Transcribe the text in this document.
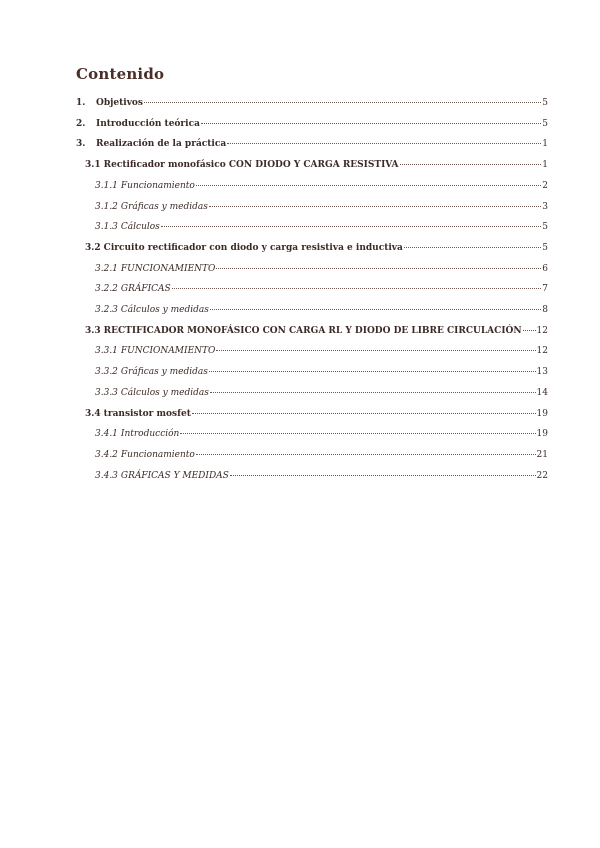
Contenido
1.	Objetivos	5
2.	Introducción teórica	5
3.	Realización de la práctica	1
3.1 Rectificador monofásico CON DIODO Y CARGA RESISTIVA	1
3.1.1 Funcionamiento	2
3.1.2 Gráficas y medidas	3
3.1.3 Cálculos	5
3.2 Circuito rectificador con diodo y carga resistiva e inductiva	5
3.2.1 FUNCIONAMIENTO	6
3.2.2 GRÁFICAS	7
3.2.3 Cálculos y medidas	8
3.3 RECTIFICADOR MONOFÁSICO CON CARGA RL Y DIODO DE LIBRE CIRCULACIÓN 12
3.3.1 FUNCIONAMIENTO	12
3.3.2 Gráficas y medidas	13
3.3.3 Cálculos y medidas	14
3.4 transistor mosfet	19
3.4.1 Introducción	19
3.4.2 Funcionamiento	21
3.4.3 GRÁFICAS Y MEDIDAS	22
